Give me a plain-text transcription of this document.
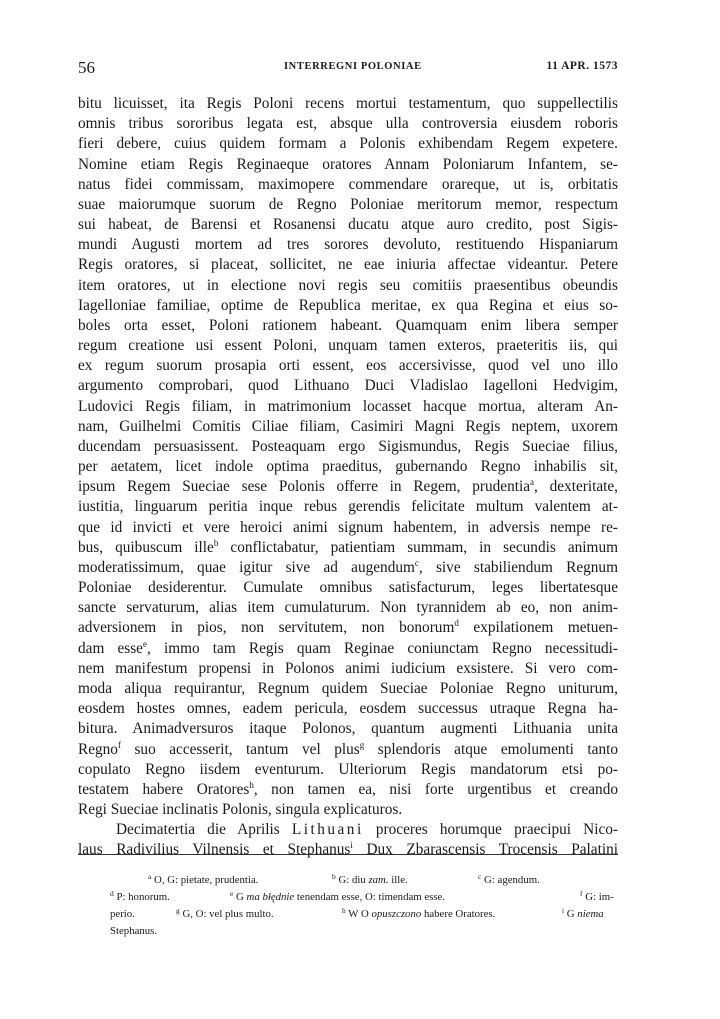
56	INTERREGNI POLONIAE	11 APR. 1573
bitu licuisset, ita Regis Poloni recens mortui testamentum, quo suppellectilis
omnis tribus sororibus legata est, absque ulla controversia eiusdem roboris
fieri debere, cuius quidem formam a Polonis exhibendam Regem expetere.
Nomine etiam Regis Reginaeque oratores Annam Poloniarum Infantem, se-
natus fidei commissam, maximopere commendare orareque, ut is, orbitatis
suae maiorumque suorum de Regno Poloniae meritorum memor, respectum
sui habeat, de Barensi et Rosanensi ducatu atque auro credito, post Sigis-
mundi Augusti mortem ad tres sorores devoluto, restituendo Hispaniarum
Regis oratores, si placeat, sollicitet, ne eae iniuria affectae videantur. Petere
item oratores, ut in electione novi regis seu comitiis praesentibus obeundis
Iagelloniae familiae, optime de Republica meritae, ex qua Regina et eius so-
boles orta esset, Poloni rationem habeant. Quamquam enim libera semper
regum creatione usi essent Poloni, unquam tamen exteros, praeteritis iis, qui
ex regum suorum prosapia orti essent, eos accersivisse, quod vel uno illo
argumento comprobari, quod Lithuano Duci Vladislao Iagelloni Hedvigim,
Ludovici Regis filiam, in matrimonium locasset hacque mortua, alteram An-
nam, Guilhelmi Comitis Ciliae filiam, Casimiri Magni Regis neptem, uxorem
ducendam persuasissent. Posteaquam ergo Sigismundus, Regis Sueciae filius,
per aetatem, licet indole optima praeditus, gubernando Regno inhabilis sit,
ipsum Regem Sueciae sese Polonis offerre in Regem, prudentia$^a$, dexteritate,
iustitia, linguarum peritia inque rebus gerendis felicitate multum valentem at-
que id invicti et vere heroici animi signum habentem, in adversis nempe re-
bus, quibuscum ille$^b$ conflictabatur, patientiam summam, in secundis animum
moderatissimum, quae igitur sive ad augendum$^c$, sive stabiliendum Regnum
Poloniae desiderentur. Cumulate omnibus satisfacturum, leges libertatesque
sancte servaturum, alias item cumulaturum. Non tyrannidem ab eo, non anim-
adversionem in pios, non servitutem, non bonorum$^d$ expilationem metuen-
dam esse$^e$, immo tam Regis quam Reginae coniunctam Regno necessitudi-
nem manifestum propensi in Polonos animi iudicium exsistere. Si vero com-
moda aliqua requirantur, Regnum quidem Sueciae Poloniae Regno uniturum,
eosdem hostes omnes, eadem pericula, eosdem successus utraque Regna ha-
bitura. Animadversuros itaque Polonos, quantum augmenti Lithuania unita
Regno$^f$ suo accesserit, tantum vel plus$^g$ splendoris atque emolumenti tanto
copulato Regno iisdem eventurum. Ulteriorum Regis mandatorum etsi po-
testatem habere Oratores$^h$, non tamen ea, nisi forte urgentibus et creando
Regi Sueciae inclinatis Polonis, singula explicaturos.
Decimatertia die Aprilis Lithuani proceres horumque praecipui Nico-
laus Radivilius Vilnensis et Stephanus$^i$ Dux Zbarascensis Trocensis Palatini
$^a$ O, G: pietate, prudentia.	$^b$ G: diu zam. ille.	$^c$ G: agendum.
$^d$ P: honorum.	$^e$ G ma błędnie tenendam esse, O: timendam esse.	$^f$ G: im-
perio.	$^g$ G, O: vel plus multo.	$^h$ W O opuszczono habere Oratores.	$^i$ G niema
Stephanus.
